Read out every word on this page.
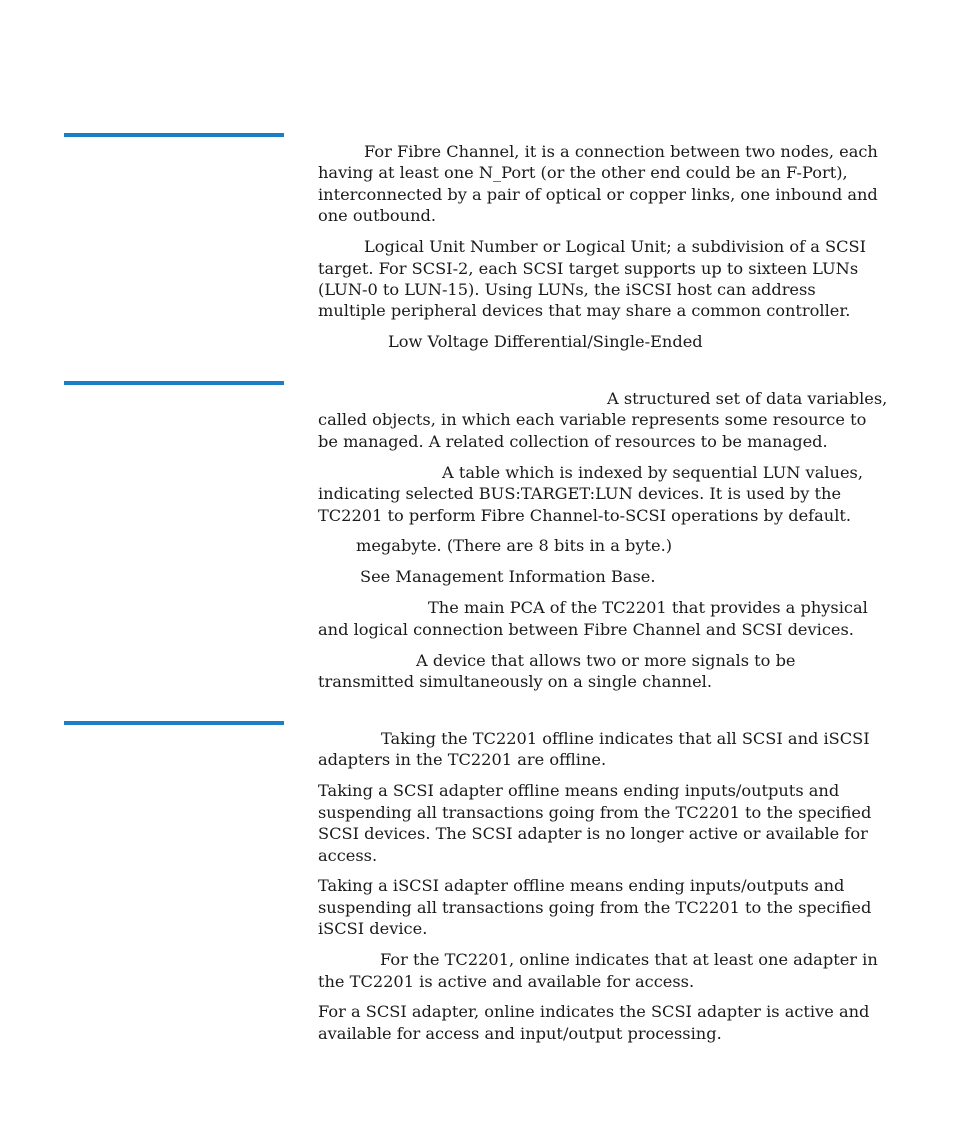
For Fibre Channel, it is a connection between two nodes, each having at least one N_Port (or the other end could be an F-Port), interconnected by a pair of optical or copper links, one inbound and one outbound.

Logical Unit Number or Logical Unit; a subdivision of a SCSI target. For SCSI-2, each SCSI target supports up to sixteen LUNs (LUN-0 to LUN-15). Using LUNs, the iSCSI host can address multiple peripheral devices that may share a common controller.

Low Voltage Differential/Single-Ended

A structured set of data variables, called objects, in which each variable represents some resource to be managed. A related collection of resources to be managed.

A table which is indexed by sequential LUN values, indicating selected BUS:TARGET:LUN devices. It is used by the TC2201 to perform Fibre Channel-to-SCSI operations by default.

megabyte. (There are 8 bits in a byte.)

See Management Information Base.

The main PCA of the TC2201 that provides a physical and logical connection between Fibre Channel and SCSI devices.

A device that allows two or more signals to be transmitted simultaneously on a single channel.

Taking the TC2201 offline indicates that all SCSI and iSCSI adapters in the TC2201 are offline.

Taking a SCSI adapter offline means ending inputs/outputs and suspending all transactions going from the TC2201 to the specified SCSI devices. The SCSI adapter is no longer active or available for access.

Taking a iSCSI adapter offline means ending inputs/outputs and suspending all transactions going from the TC2201 to the specified iSCSI device.

For the TC2201, online indicates that at least one adapter in the TC2201 is active and available for access.

For a SCSI adapter, online indicates the SCSI adapter is active and available for access and input/output processing.
